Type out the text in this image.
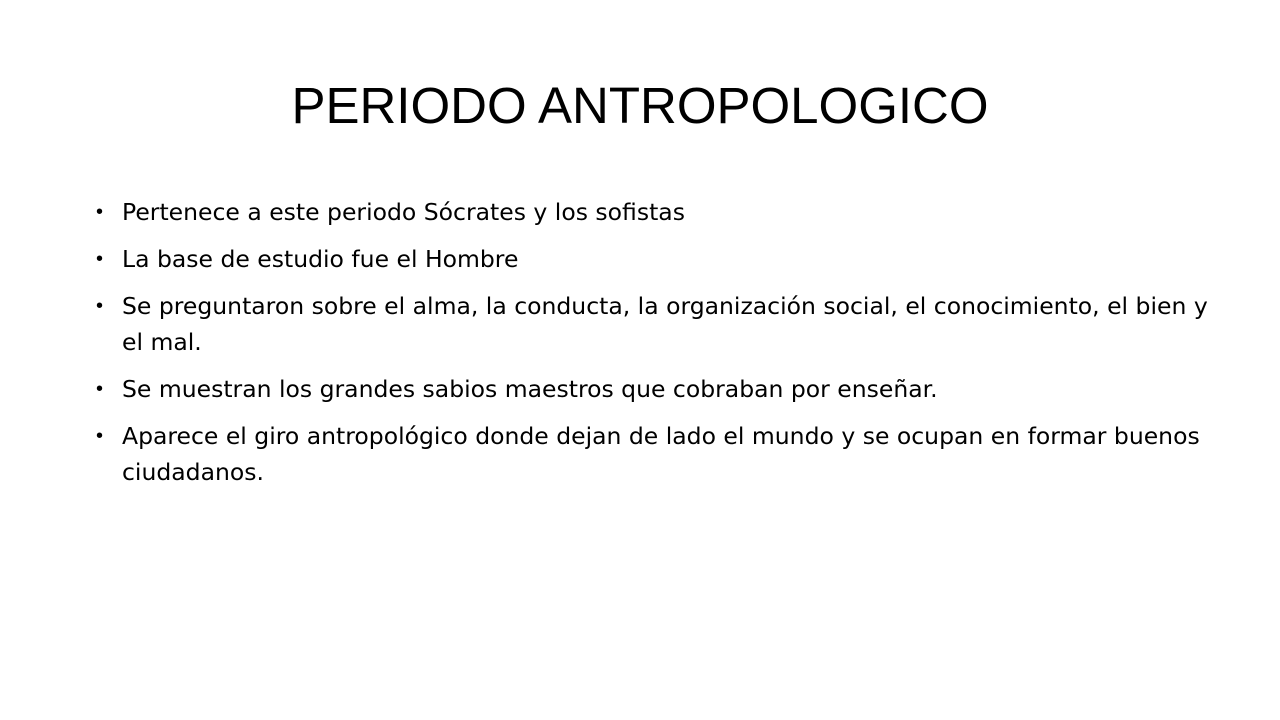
PERIODO ANTROPOLOGICO
• Pertenece a este periodo Sócrates y los sofistas
• La base de estudio fue el Hombre
• Se preguntaron sobre el alma, la conducta, la organización social, el conocimiento, el bien y el mal.
• Se muestran los grandes sabios maestros que cobraban por enseñar.
• Aparece el giro antropológico donde dejan de lado el mundo y se ocupan en formar buenos ciudadanos.
